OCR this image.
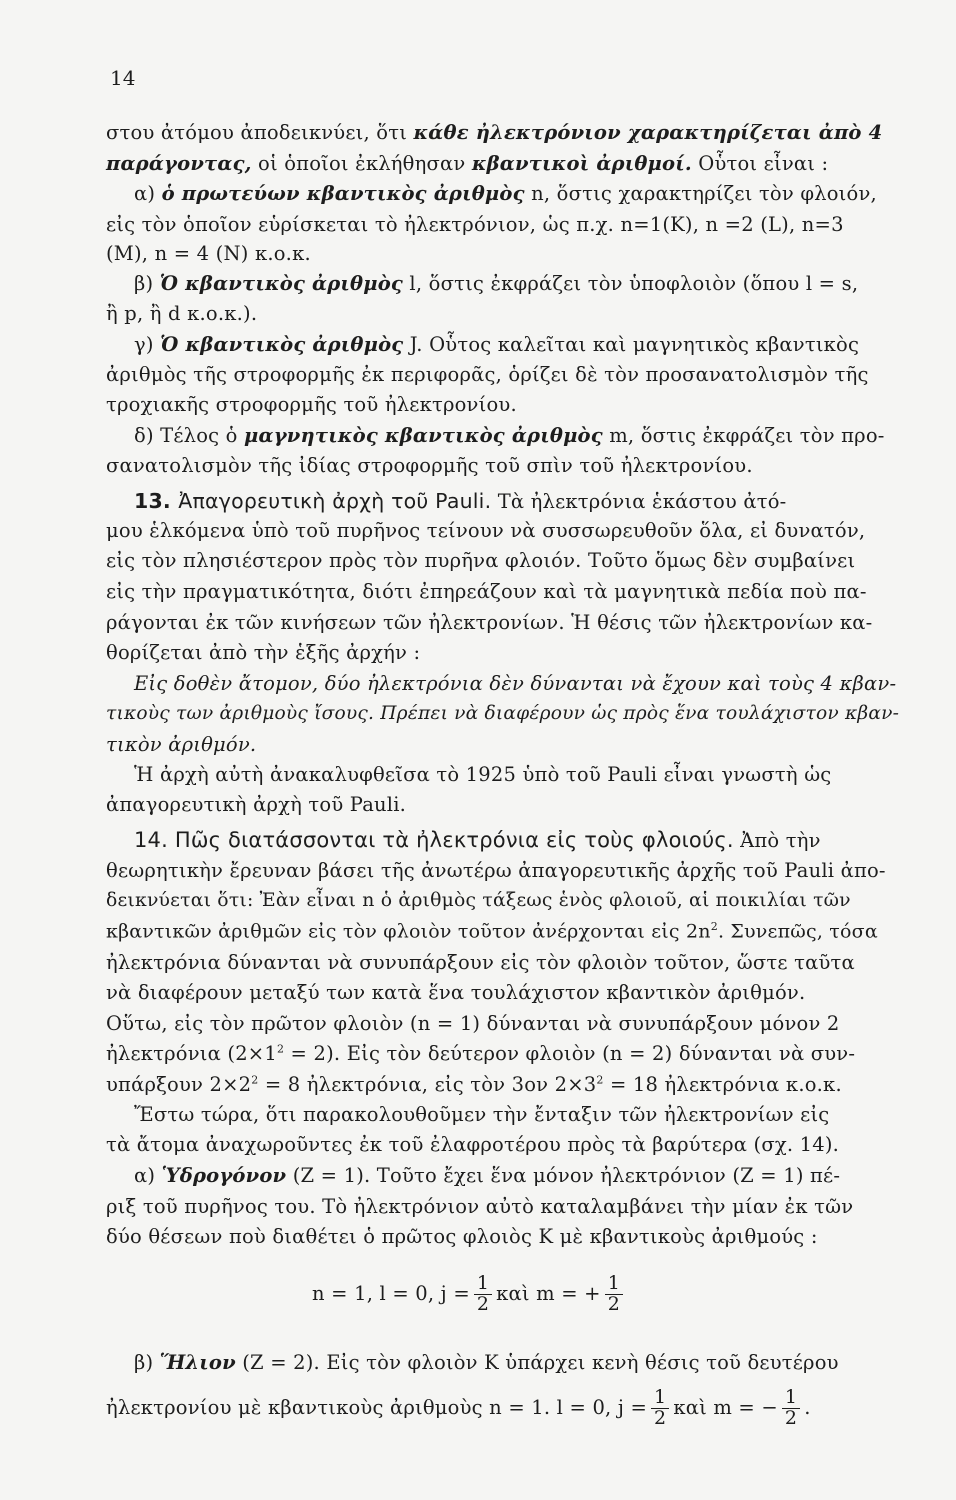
14
στου ἀτόμου ἀποδεικνύει, ὅτι κάθε ἠλεκτρόνιον χαρακτηρίζεται ἀπὸ 4
παράγοντας, οἱ ὁποῖοι ἐκλήθησαν κβαντικοὶ ἀριθμοί. Οὗτοι εἶναι :
α) ὁ πρωτεύων κβαντικὸς ἀριθμὸς n, ὅστις χαρακτηρίζει τὸν φλοιόν,
εἰς τὸν ὁποῖον εὑρίσκεται τὸ ἠλεκτρόνιον, ὡς π.χ. n=1(K), n =2 (L), n=3
(M), n = 4 (N) κ.ο.κ.
β) Ὁ κβαντικὸς ἀριθμὸς l, ὅστις ἐκφράζει τὸν ὑποφλοιὸν (ὅπου l = s,
ἢ p, ἢ d κ.ο.κ.).
γ) Ὁ κβαντικὸς ἀριθμὸς J. Οὗτος καλεῖται καὶ μαγνητικὸς κβαντικὸς
ἀριθμὸς τῆς στροφορμῆς ἐκ περιφορᾶς, ὁρίζει δὲ τὸν προσανατολισμὸν τῆς
τροχιακῆς στροφορμῆς τοῦ ἠλεκτρονίου.
δ) Τέλος ὁ μαγνητικὸς κβαντικὸς ἀριθμὸς m, ὅστις ἐκφράζει τὸν προ-
σανατολισμὸν τῆς ἰδίας στροφορμῆς τοῦ σπὶν τοῦ ἠλεκτρονίου.
13. Ἀπαγορευτικὴ ἀρχὴ τοῦ Pauli. Τὰ ἠλεκτρόνια ἑκάστου ἀτό-
μου ἑλκόμενα ὑπὸ τοῦ πυρῆνος τείνουν νὰ συσσωρευθοῦν ὅλα, εἰ δυνατόν,
εἰς τὸν πλησιέστερον πρὸς τὸν πυρῆνα φλοιόν. Τοῦτο ὅμως δὲν συμβαίνει
εἰς τὴν πραγματικότητα, διότι ἐπηρεάζουν καὶ τὰ μαγνητικὰ πεδία ποὺ πα-
ράγονται ἐκ τῶν κινήσεων τῶν ἠλεκτρονίων. Ἡ θέσις τῶν ἠλεκτρονίων κα-
θορίζεται ἀπὸ τὴν ἑξῆς ἀρχήν :
Εἰς δοθὲν ἄτομον, δύο ἠλεκτρόνια δὲν δύνανται νὰ ἔχουν καὶ τοὺς 4 κβαν-
τικοὺς των ἀριθμοὺς ἴσους. Πρέπει νὰ διαφέρουν ὡς πρὸς ἕνα τουλάχιστον κβαν-
τικὸν ἀριθμόν.
Ἡ ἀρχὴ αὐτὴ ἀνακαλυφθεῖσα τὸ 1925 ὑπὸ τοῦ Pauli εἶναι γνωστὴ ὡς
ἀπαγορευτικὴ ἀρχὴ τοῦ Pauli.
14. Πῶς διατάσσονται τὰ ἠλεκτρόνια εἰς τοὺς φλοιούς. Ἀπὸ τὴν
θεωρητικὴν ἔρευναν βάσει τῆς ἀνωτέρω ἀπαγορευτικῆς ἀρχῆς τοῦ Pauli ἀπο-
δεικνύεται ὅτι: Ἐὰν εἶναι n ὁ ἀριθμὸς τάξεως ἑνὸς φλοιοῦ, αἱ ποικιλίαι τῶν
κβαντικῶν ἀριθμῶν εἰς τὸν φλοιὸν τοῦτον ἀνέρχονται εἰς $2n^2$. Συνεπῶς, τόσα
ἠλεκτρόνια δύνανται νὰ συνυπάρξουν εἰς τὸν φλοιὸν τοῦτον, ὥστε ταῦτα
νὰ διαφέρουν μεταξύ των κατὰ ἕνα τουλάχιστον κβαντικὸν ἀριθμόν.
Οὕτω, εἰς τὸν πρῶτον φλοιὸν (n = 1) δύνανται νὰ συνυπάρξουν μόνον 2
ἠλεκτρόνια $(2\times 1^2 = 2)$. Εἰς τὸν δεύτερον φλοιὸν (n = 2) δύνανται νὰ συν-
υπάρξουν $2\times 2^2 = 8$ ἠλεκτρόνια, εἰς τὸν 3ον $2\times 3^2 = 18$ ἠλεκτρόνια κ.ο.κ.
Ἔστω τώρα, ὅτι παρακολουθοῦμεν τὴν ἔνταξιν τῶν ἠλεκτρονίων εἰς
τὰ ἄτομα ἀναχωροῦντες ἐκ τοῦ ἐλαφροτέρου πρὸς τὰ βαρύτερα (σχ. 14).
α) Ὑδρογόνον (Z = 1). Τοῦτο ἔχει ἕνα μόνον ἠλεκτρόνιον (Z = 1) πέ-
ριξ τοῦ πυρῆνος του. Τὸ ἠλεκτρόνιον αὐτὸ καταλαμβάνει τὴν μίαν ἐκ τῶν
δύο θέσεων ποὺ διαθέτει ὁ πρῶτος φλοιὸς K μὲ κβαντικοὺς ἀριθμούς :
n = 1, l = 0, $j = \frac{1}{2}$ καὶ m = + $\frac{1}{2}$
β) Ἥλιον (Z = 2). Εἰς τὸν φλοιὸν K ὑπάρχει κενὴ θέσις τοῦ δευτέρου
ἠλεκτρονίου μὲ κβαντικοὺς ἀριθμοὺς n = 1. l = 0, $j = \frac{1}{2}$ καὶ m = − $\frac{1}{2}$ .
